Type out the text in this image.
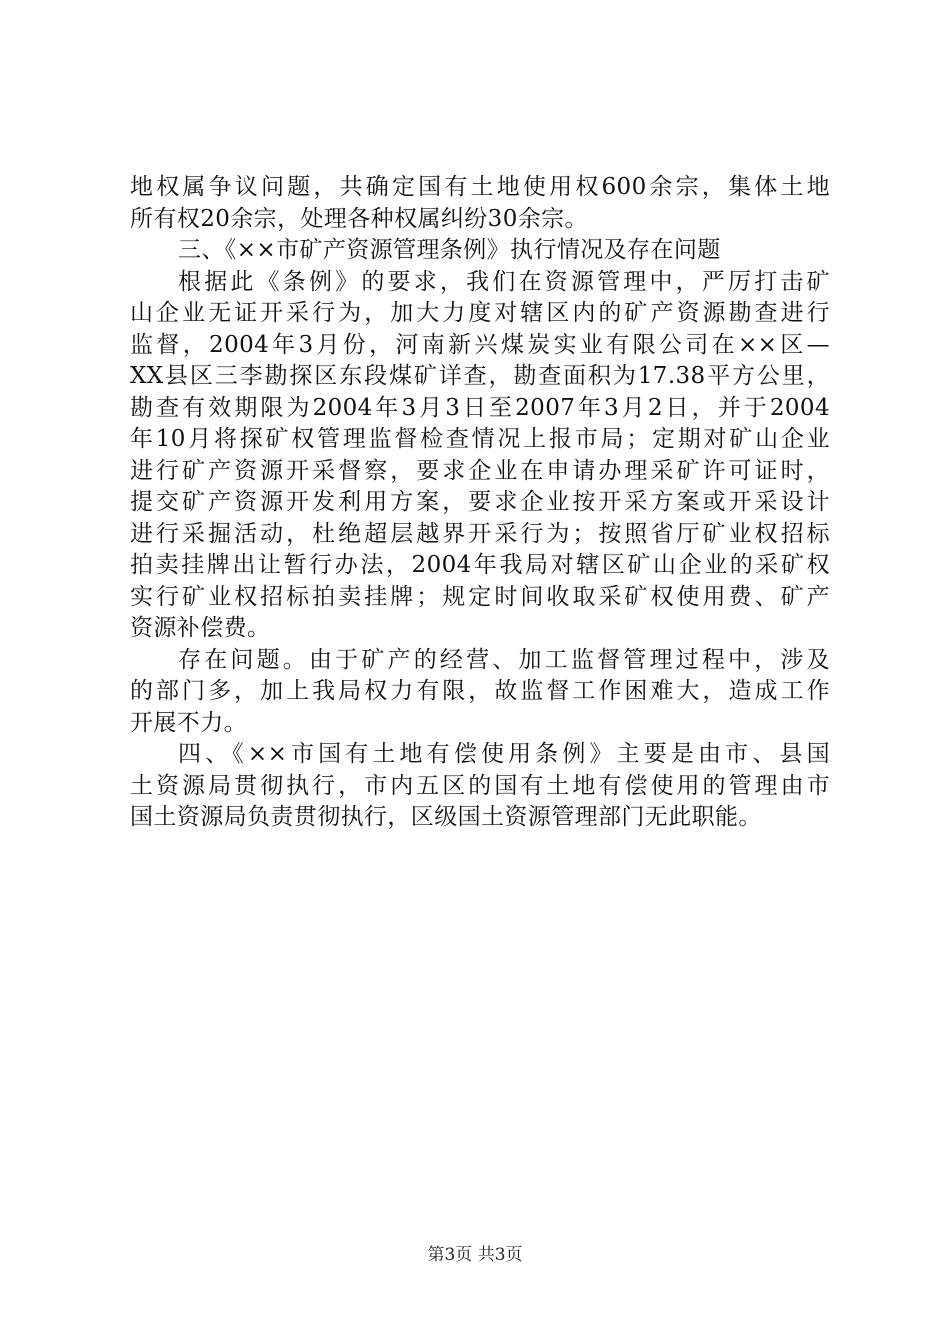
地权属争议问题，共确定国有土地使用权600余宗，集体土地
所有权20余宗，处理各种权属纠纷30余宗。
三、《××市矿产资源管理条例》执行情况及存在问题
根据此《条例》的要求，我们在资源管理中，严厉打击矿
山企业无证开采行为，加大力度对辖区内的矿产资源勘查进行
监督，2004年3月份，河南新兴煤炭实业有限公司在××区—
XX县区三李勘探区东段煤矿详查，勘查面积为17.38平方公里，
勘查有效期限为2004年3月3日至2007年3月2日，并于2004
年10月将探矿权管理监督检查情况上报市局；定期对矿山企业
进行矿产资源开采督察，要求企业在申请办理采矿许可证时，
提交矿产资源开发利用方案，要求企业按开采方案或开采设计
进行采掘活动，杜绝超层越界开采行为；按照省厅矿业权招标
拍卖挂牌出让暂行办法，2004年我局对辖区矿山企业的采矿权
实行矿业权招标拍卖挂牌；规定时间收取采矿权使用费、矿产
资源补偿费。
存在问题。由于矿产的经营、加工监督管理过程中，涉及
的部门多，加上我局权力有限，故监督工作困难大，造成工作
开展不力。
四、《××市国有土地有偿使用条例》主要是由市、县国
土资源局贯彻执行，市内五区的国有土地有偿使用的管理由市
国土资源局负责贯彻执行，区级国土资源管理部门无此职能。
第3页 共3页
